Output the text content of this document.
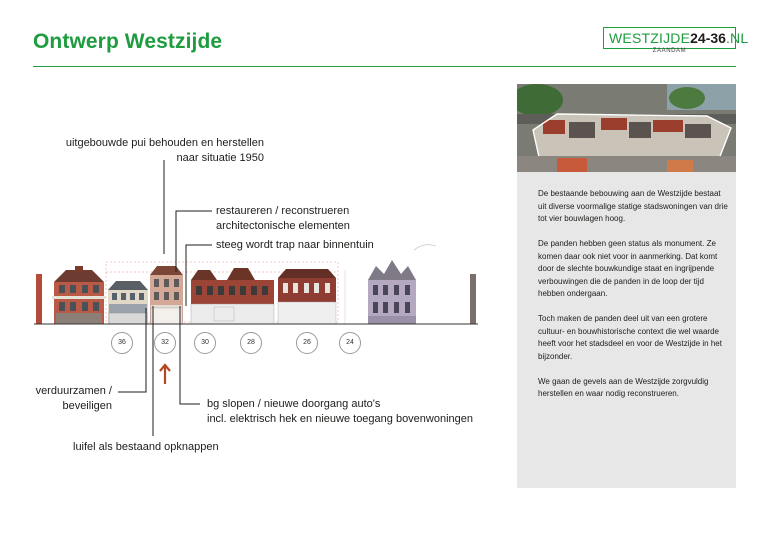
Ontwerp Westzijde	WESTZIJDE24-36.NL
ZAANDAM
uitgebouwde pui behouden en herstellen
naar situatie 1950
restaureren / reconstrueren
architectonische elementen
steeg wordt trap naar binnentuin
verduurzamen /
beveiligen	bg slopen / nieuwe doorgang auto's
incl. elektrisch hek en nieuwe toegang bovenwoningen
luifel als bestaand opknappen
36	32	30	28	26	24

De bestaande bebouwing aan de Westzijde bestaat uit diverse voormalige statige stadswoningen van drie tot vier bouwlagen hoog.

De panden hebben geen status als monument. Ze komen daar ook niet voor in aanmerking. Dat komt door de slechte bouwkundige staat en ingrijpende verbouwingen die de panden in de loop der tijd hebben ondergaan.

Toch maken de panden deel uit van een grotere cultuur- en bouwhistorische context die wel waarde heeft voor het stadsdeel en voor de Westzijde in het bijzonder.

We gaan de gevels aan de Westzijde zorgvuldig herstellen en waar nodig reconstrueren.
